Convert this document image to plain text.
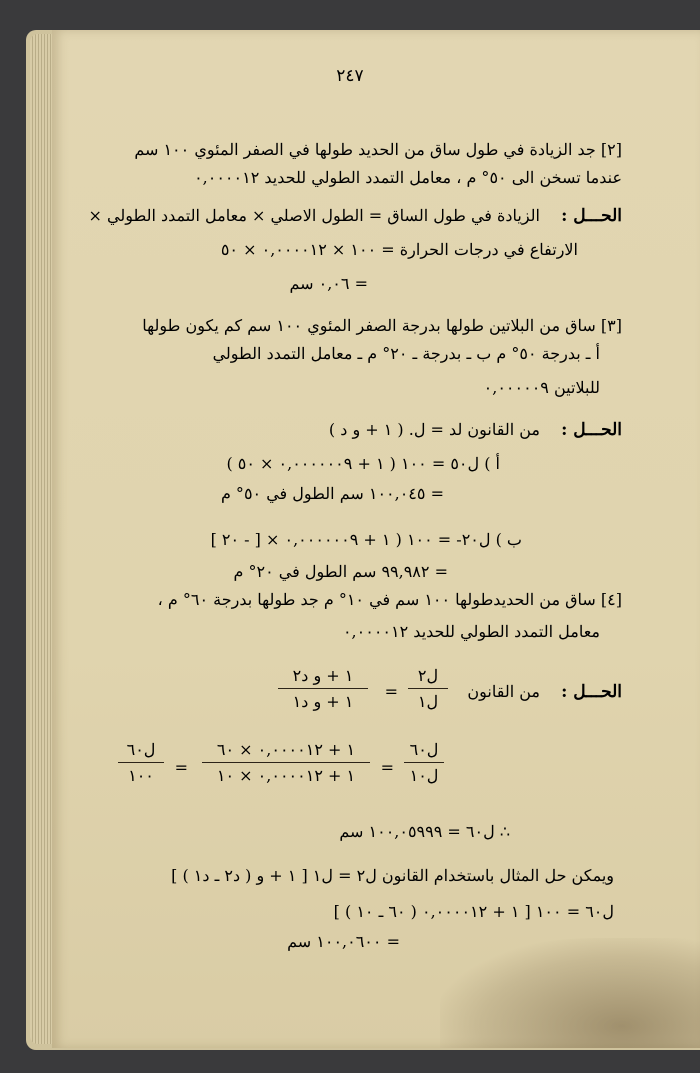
٢٤٧
[٢] جد الزيادة في طول ساق من الحديد طولها في الصفر المئوي ١٠٠ سم
عندما تسخن الى ٥٠° م ، معامل التمدد الطولي للحديد ٠,٠٠٠٠١٢
الحـــل :
الزيادة في طول الساق = الطول الاصلي × معامل التمدد الطولي ×
الارتفاع في درجات الحرارة = ١٠٠ × ٠,٠٠٠٠١٢ × ٥٠
= ٠,٠٦ سم
[٣] ساق من البلاتين طولها بدرجة الصفر المئوي ١٠٠ سم كم يكون طولها
أ ـ بدرجة ٥٠° م ب ـ بدرجة ـ ٢٠° م ـ معامل التمدد الطولي
للبلاتين ٠,٠٠٠٠٠٩
الحـــل :
من القانون لد = ل. ( ١ + و د )
أ ) ل٥٠ = ١٠٠ ( ١ + ٠,٠٠٠٠٠٠٩ × ٥٠ )
= ١٠٠,٠٤٥ سم الطول في ٥٠° م
ب ) ل٢٠- = ١٠٠ ( ١ + ٠,٠٠٠٠٠٠٩ × [ - ٢٠ ]
= ٩٩,٩٨٢ سم الطول في ٢٠° م
[٤] ساق من الحديدطولها ١٠٠ سم في ١٠° م جد طولها بدرجة ٦٠° م ،
معامل التمدد الطولي للحديد ٠,٠٠٠٠١٢
الحـــل :
من القانون
ل٢
ل١
=
١ + و د٢
١ + و د١
ل٦٠
ل١٠
=
١ + ٠,٠٠٠٠١٢ × ٦٠
١ + ٠,٠٠٠٠١٢ × ١٠
=
ل٦٠
١٠٠
∴ ل٦٠ = ١٠٠,٠٥٩٩٩ سم
ويمكن حل المثال باستخدام القانون ل٢ = ل١ [ ١ + و ( د٢ ـ د١ ) ]
ل٦٠ = ١٠٠ [ ١ + ٠,٠٠٠٠١٢ ( ٦٠ ـ ١٠ ) ]
= ١٠٠,٠٦٠٠ سم
